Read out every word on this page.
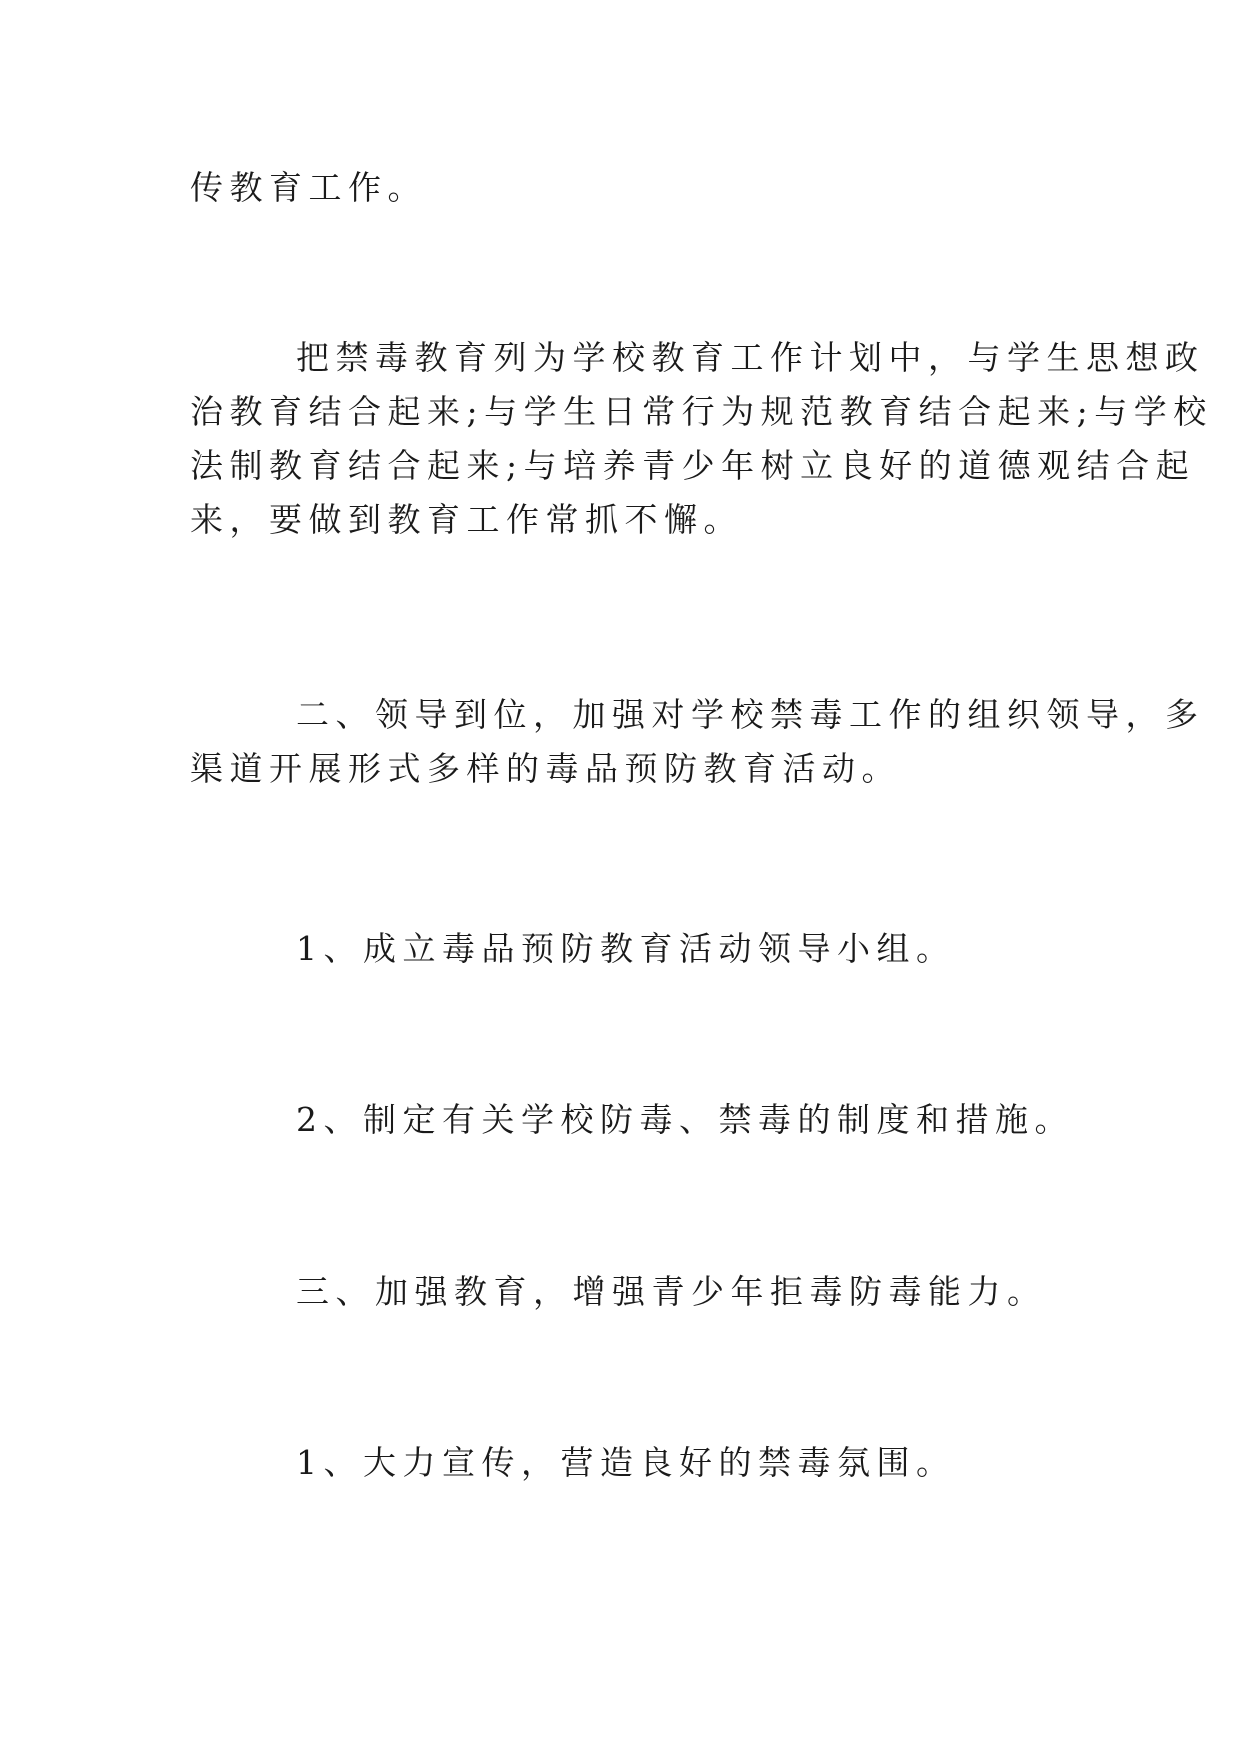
传教育工作。
把禁毒教育列为学校教育工作计划中，与学生思想政
治教育结合起来;与学生日常行为规范教育结合起来;与学校
法制教育结合起来;与培养青少年树立良好的道德观结合起
来，要做到教育工作常抓不懈。
二、领导到位，加强对学校禁毒工作的组织领导，多
渠道开展形式多样的毒品预防教育活动。
1、成立毒品预防教育活动领导小组。
2、制定有关学校防毒、禁毒的制度和措施。
三、加强教育，增强青少年拒毒防毒能力。
1、大力宣传，营造良好的禁毒氛围。
